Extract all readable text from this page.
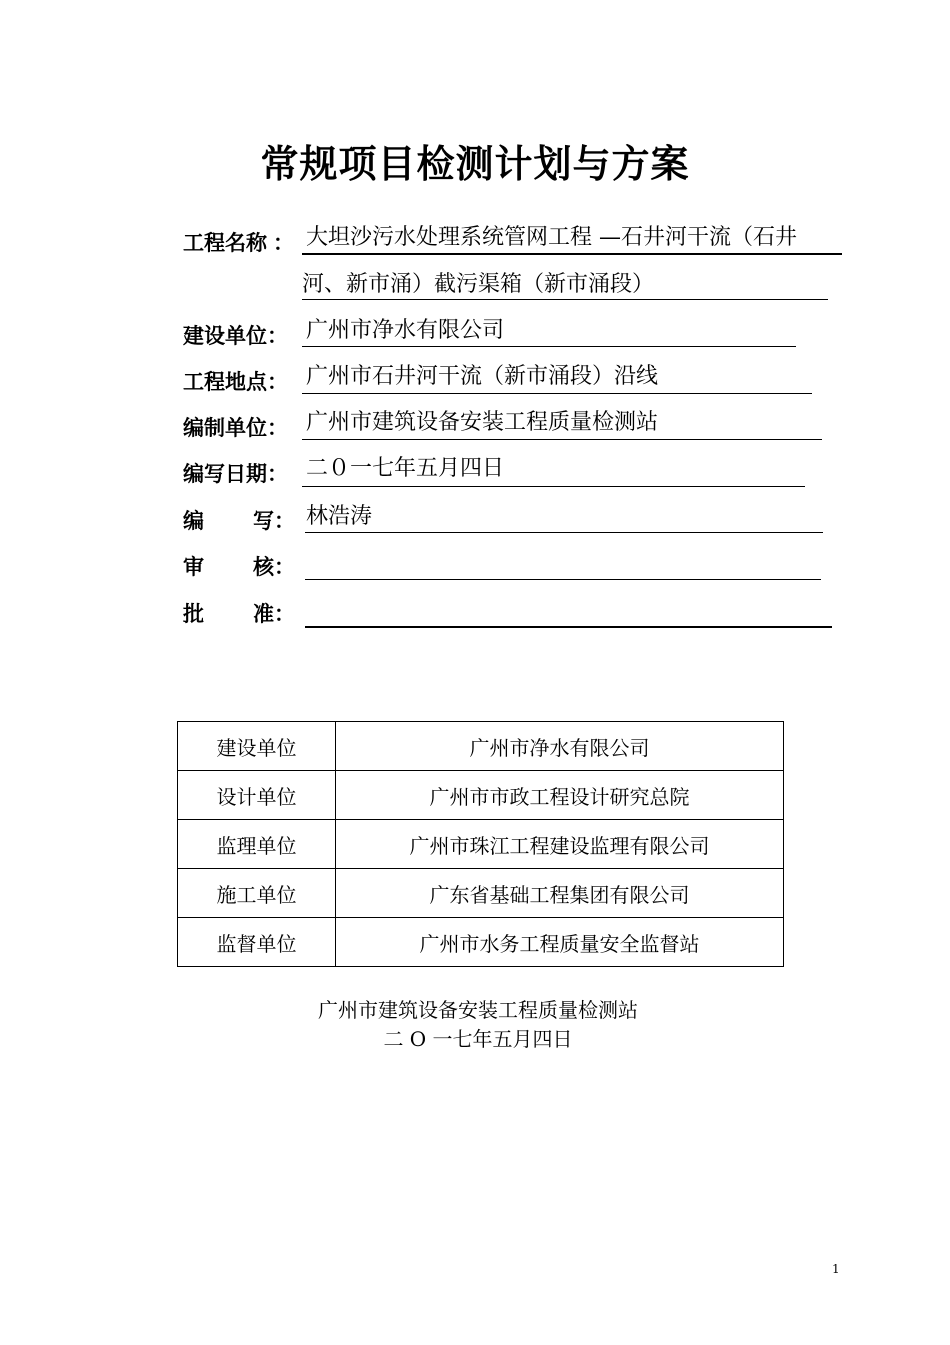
常规项目检测计划与方案
工程名称 ： 大坦沙污水处理系统管网工程 —石井河干流（石井
河、新市涌）截污渠箱（新市涌段）
建设单位： 广州市净水有限公司
工程地点： 广州市石井河干流（新市涌段）沿线
编制单位： 广州市建筑设备安装工程质量检测站
编写日期： 二０一七年五月四日
编 写： 林浩涛
审 核：
批 准：
建设单位	广州市净水有限公司
设计单位	广州市市政工程设计研究总院
监理单位	广州市珠江工程建设监理有限公司
施工单位	广东省基础工程集团有限公司
监督单位	广州市水务工程质量安全监督站
广州市建筑设备安装工程质量检测站
二 O 一七年五月四日
1
